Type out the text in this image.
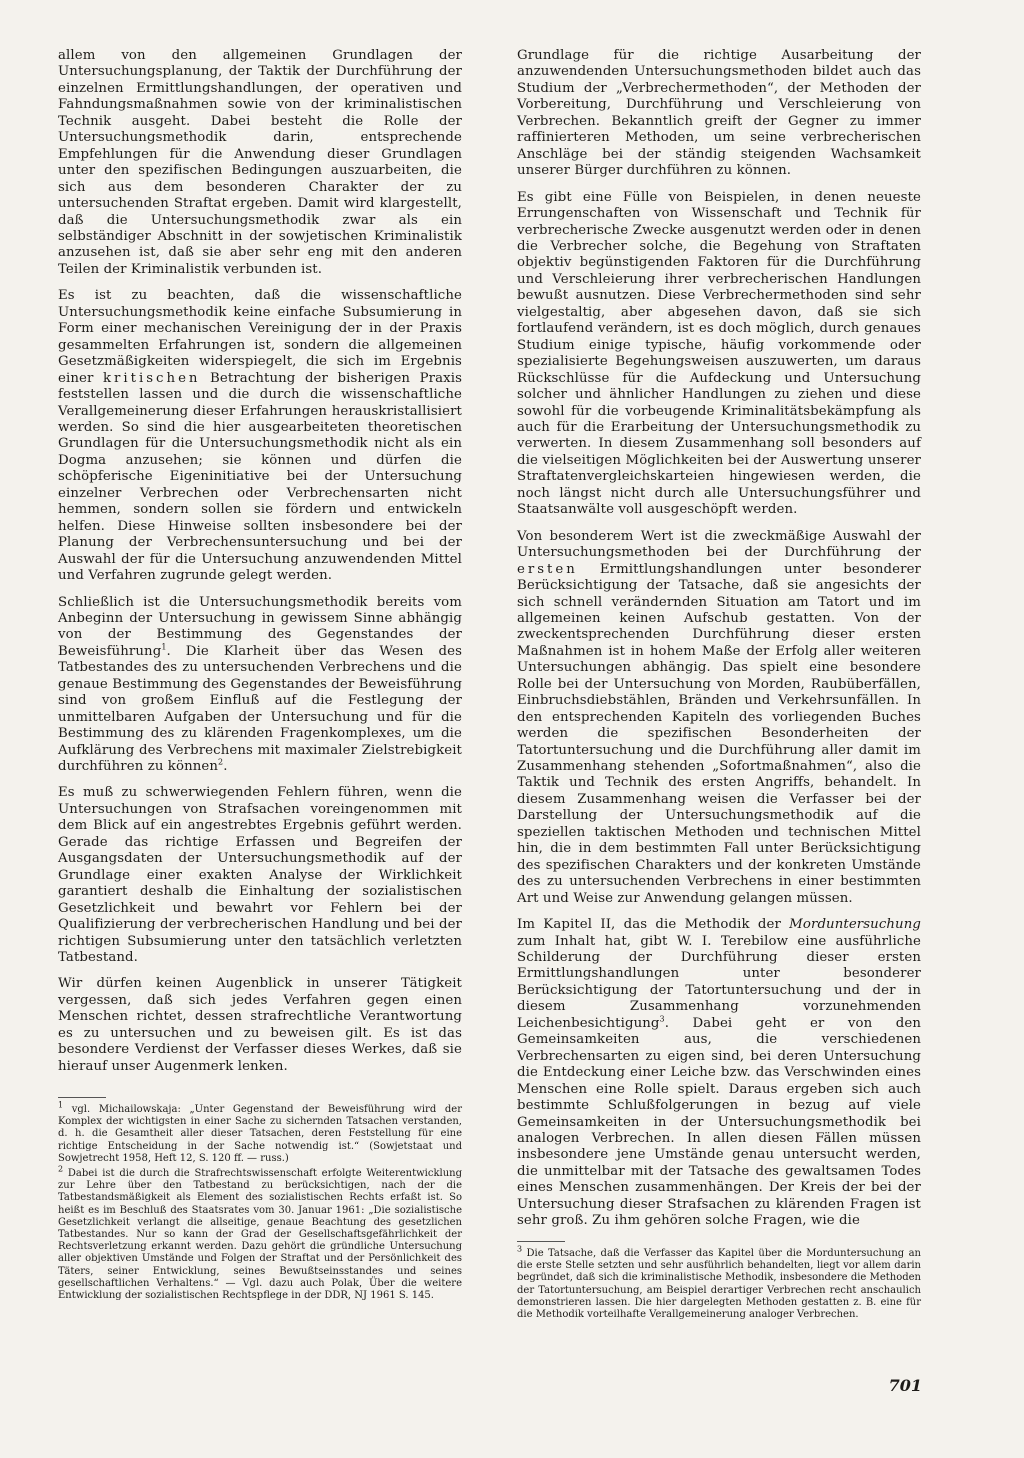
allem von den allgemeinen Grundlagen der Untersuchungsplanung, der Taktik der Durchführung der einzelnen Ermittlungshandlungen, der operativen und Fahndungsmaßnahmen sowie von der kriminalistischen Technik ausgeht. Dabei besteht die Rolle der Untersuchungsmethodik darin, entsprechende Empfehlungen für die Anwendung dieser Grundlagen unter den spezifischen Bedingungen auszuarbeiten, die sich aus dem besonderen Charakter der zu untersuchenden Straftat ergeben. Damit wird klargestellt, daß die Untersuchungsmethodik zwar als ein selbständiger Abschnitt in der sowjetischen Kriminalistik anzusehen ist, daß sie aber sehr eng mit den anderen Teilen der Kriminalistik verbunden ist.

Es ist zu beachten, daß die wissenschaftliche Untersuchungsmethodik keine einfache Subsumierung in Form einer mechanischen Vereinigung der in der Praxis gesammelten Erfahrungen ist, sondern die allgemeinen Gesetzmäßigkeiten widerspiegelt, die sich im Ergebnis einer kritischen Betrachtung der bisherigen Praxis feststellen lassen und die durch die wissenschaftliche Verallgemeinerung dieser Erfahrungen herauskristallisiert werden. So sind die hier ausgearbeiteten theoretischen Grundlagen für die Untersuchungsmethodik nicht als ein Dogma anzusehen; sie können und dürfen die schöpferische Eigeninitiative bei der Untersuchung einzelner Verbrechen oder Verbrechensarten nicht hemmen, sondern sollen sie fördern und entwickeln helfen. Diese Hinweise sollten insbesondere bei der Planung der Verbrechensuntersuchung und bei der Auswahl der für die Untersuchung anzuwendenden Mittel und Verfahren zugrunde gelegt werden.

Schließlich ist die Untersuchungsmethodik bereits vom Anbeginn der Untersuchung in gewissem Sinne abhängig von der Bestimmung des Gegenstandes der Beweisführung$^1$. Die Klarheit über das Wesen des Tatbestandes des zu untersuchenden Verbrechens und die genaue Bestimmung des Gegenstandes der Beweisführung sind von großem Einfluß auf die Festlegung der unmittelbaren Aufgaben der Untersuchung und für die Bestimmung des zu klärenden Fragenkomplexes, um die Aufklärung des Verbrechens mit maximaler Zielstrebigkeit durchführen zu können$^2$.

Es muß zu schwerwiegenden Fehlern führen, wenn die Untersuchungen von Strafsachen voreingenommen mit dem Blick auf ein angestrebtes Ergebnis geführt werden. Gerade das richtige Erfassen und Begreifen der Ausgangsdaten der Untersuchungsmethodik auf der Grundlage einer exakten Analyse der Wirklichkeit garantiert deshalb die Einhaltung der sozialistischen Gesetzlichkeit und bewahrt vor Fehlern bei der Qualifizierung der verbrecherischen Handlung und bei der richtigen Subsumierung unter den tatsächlich verletzten Tatbestand.

Wir dürfen keinen Augenblick in unserer Tätigkeit vergessen, daß sich jedes Verfahren gegen einen Menschen richtet, dessen strafrechtliche Verantwortung es zu untersuchen und zu beweisen gilt. Es ist das besondere Verdienst der Verfasser dieses Werkes, daß sie hierauf unser Augenmerk lenken.

$^1$ vgl. Michailowskaja: „Unter Gegenstand der Beweisführung wird der Komplex der wichtigsten in einer Sache zu sichernden Tatsachen verstanden, d. h. die Gesamtheit aller dieser Tatsachen, deren Feststellung für eine richtige Entscheidung in der Sache notwendig ist.“ (Sowjetstaat und Sowjetrecht 1958, Heft 12, S. 120 ff. — russ.)

$^2$ Dabei ist die durch die Strafrechtswissenschaft erfolgte Weiterentwicklung zur Lehre über den Tatbestand zu berücksichtigen, nach der die Tatbestandsmäßigkeit als Element des sozialistischen Rechts erfaßt ist. So heißt es im Beschluß des Staatsrates vom 30. Januar 1961: „Die sozialistische Gesetzlichkeit verlangt die allseitige, genaue Beachtung des gesetzlichen Tatbestandes. Nur so kann der Grad der Gesellschaftsgefährlichkeit der Rechtsverletzung erkannt werden. Dazu gehört die gründliche Untersuchung aller objektiven Umstände und Folgen der Straftat und der Persönlichkeit des Täters, seiner Entwicklung, seines Bewußtseinsstandes und seines gesellschaftlichen Verhaltens.“ — Vgl. dazu auch Polak, Über die weitere Entwicklung der sozialistischen Rechtspflege in der DDR, NJ 1961 S. 145.

Grundlage für die richtige Ausarbeitung der anzuwendenden Untersuchungsmethoden bildet auch das Studium der „Verbrechermethoden“, der Methoden der Vorbereitung, Durchführung und Verschleierung von Verbrechen. Bekanntlich greift der Gegner zu immer raffinierteren Methoden, um seine verbrecherischen Anschläge bei der ständig steigenden Wachsamkeit unserer Bürger durchführen zu können.

Es gibt eine Fülle von Beispielen, in denen neueste Errungenschaften von Wissenschaft und Technik für verbrecherische Zwecke ausgenutzt werden oder in denen die Verbrecher solche, die Begehung von Straftaten objektiv begünstigenden Faktoren für die Durchführung und Verschleierung ihrer verbrecherischen Handlungen bewußt ausnutzen. Diese Verbrechermethoden sind sehr vielgestaltig, aber abgesehen davon, daß sie sich fortlaufend verändern, ist es doch möglich, durch genaues Studium einige typische, häufig vorkommende oder spezialisierte Begehungsweisen auszuwerten, um daraus Rückschlüsse für die Aufdeckung und Untersuchung solcher und ähnlicher Handlungen zu ziehen und diese sowohl für die vorbeugende Kriminalitätsbekämpfung als auch für die Erarbeitung der Untersuchungsmethodik zu verwerten. In diesem Zusammenhang soll besonders auf die vielseitigen Möglichkeiten bei der Auswertung unserer Straftatenvergleichskarteien hingewiesen werden, die noch längst nicht durch alle Untersuchungsführer und Staatsanwälte voll ausgeschöpft werden.

Von besonderem Wert ist die zweckmäßige Auswahl der Untersuchungsmethoden bei der Durchführung der ersten Ermittlungshandlungen unter besonderer Berücksichtigung der Tatsache, daß sie angesichts der sich schnell verändernden Situation am Tatort und im allgemeinen keinen Aufschub gestatten. Von der zweckentsprechenden Durchführung dieser ersten Maßnahmen ist in hohem Maße der Erfolg aller weiteren Untersuchungen abhängig. Das spielt eine besondere Rolle bei der Untersuchung von Morden, Raubüberfällen, Einbruchsdiebstählen, Bränden und Verkehrsunfällen. In den entsprechenden Kapiteln des vorliegenden Buches werden die spezifischen Besonderheiten der Tatortuntersuchung und die Durchführung aller damit im Zusammenhang stehenden „Sofortmaßnahmen“, also die Taktik und Technik des ersten Angriffs, behandelt. In diesem Zusammenhang weisen die Verfasser bei der Darstellung der Untersuchungsmethodik auf die speziellen taktischen Methoden und technischen Mittel hin, die in dem bestimmten Fall unter Berücksichtigung des spezifischen Charakters und der konkreten Umstände des zu untersuchenden Verbrechens in einer bestimmten Art und Weise zur Anwendung gelangen müssen.

Im Kapitel II, das die Methodik der Morduntersuchung zum Inhalt hat, gibt W. I. Terebilow eine ausführliche Schilderung der Durchführung dieser ersten Ermittlungshandlungen unter besonderer Berücksichtigung der Tatortuntersuchung und der in diesem Zusammenhang vorzunehmenden Leichenbesichtigung$^3$. Dabei geht er von den Gemeinsamkeiten aus, die verschiedenen Verbrechensarten zu eigen sind, bei deren Untersuchung die Entdeckung einer Leiche bzw. das Verschwinden eines Menschen eine Rolle spielt. Daraus ergeben sich auch bestimmte Schlußfolgerungen in bezug auf viele Gemeinsamkeiten in der Untersuchungsmethodik bei analogen Verbrechen. In allen diesen Fällen müssen insbesondere jene Umstände genau untersucht werden, die unmittelbar mit der Tatsache des gewaltsamen Todes eines Menschen zusammenhängen. Der Kreis der bei der Untersuchung dieser Strafsachen zu klärenden Fragen ist sehr groß. Zu ihm gehören solche Fragen, wie die

$^3$ Die Tatsache, daß die Verfasser das Kapitel über die Morduntersuchung an die erste Stelle setzten und sehr ausführlich behandelten, liegt vor allem darin begründet, daß sich die kriminalistische Methodik, insbesondere die Methoden der Tatortuntersuchung, am Beispiel derartiger Verbrechen recht anschaulich demonstrieren lassen. Die hier dargelegten Methoden gestatten z. B. eine für die Methodik vorteilhafte Verallgemeinerung analoger Verbrechen.

701
